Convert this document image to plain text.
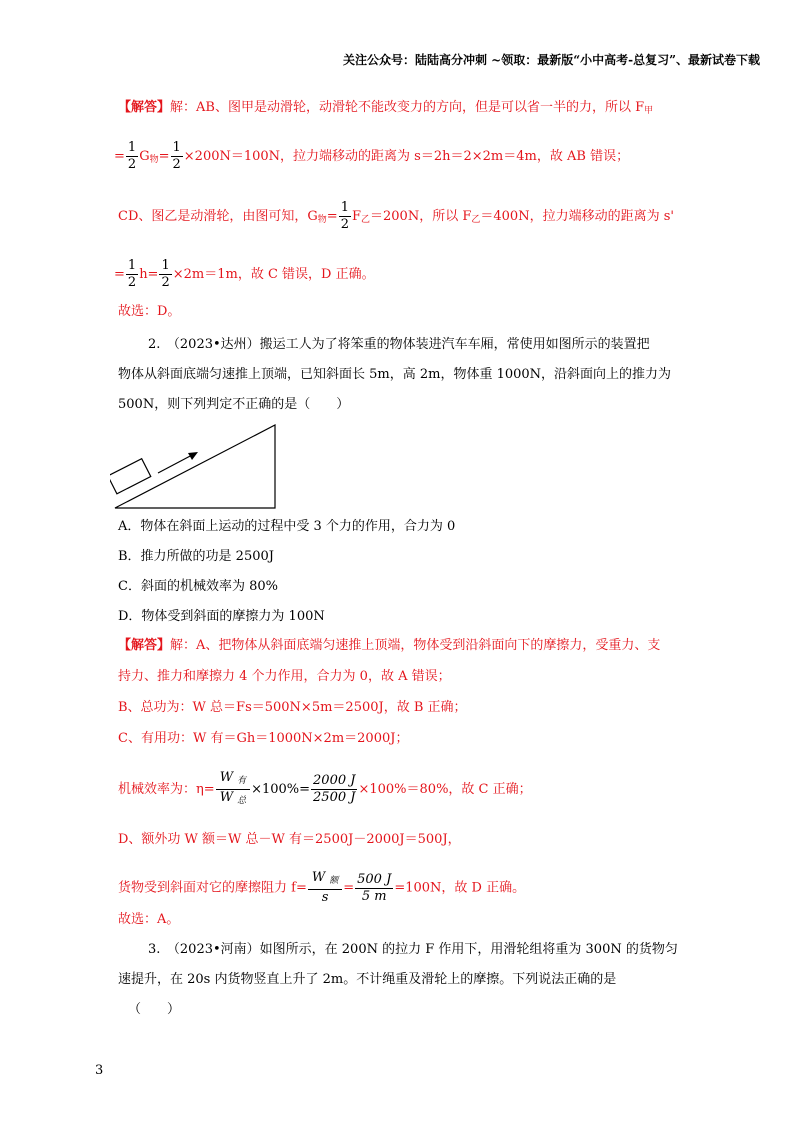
关注公众号：陆陆高分冲刺 ~领取：最新版“小中高考-总复习”、最新试卷下载
【解答】解：AB、图甲是动滑轮，动滑轮不能改变力的方向，但是可以省一半的力，所以 $F_甲$
= $\frac{1}{2} G_物= \frac{1}{2} \times 200N=100N$，拉力端移动的距离为 s＝2h＝2×2m＝4m，故 AB 错误；
CD、图乙是动滑轮，由图可知，$G_物= \frac{1}{2} F_乙=200N$，所以 $F_乙=400N$，拉力端移动的距离为 s'
= $\frac{1}{2} h= \frac{1}{2} \times 2m=1m$，故 C 错误，D 正确。
故选：D。
2.　（2023•达州）搬运工人为了将笨重的物体装进汽车车厢，常使用如图所示的装置把
物体从斜面底端匀速推上顶端，已知斜面长 5m，高 2m，物体重 1000N，沿斜面向上的推力为
500N，则下列判定不正确的是（　　）
A．物体在斜面上运动的过程中受 3 个力的作用，合力为 0
B．推力所做的功是 2500J
C．斜面的机械效率为 80%
D．物体受到斜面的摩擦力为 100N
【解答】解：A、把物体从斜面底端匀速推上顶端，物体受到沿斜面向下的摩擦力，受重力、支
持力、推力和摩擦力 4 个力作用，合力为 0，故 A 错误；
B、总功为：W 总＝Fs＝500N×5m＝2500J，故 B 正确；
C、有用功：W 有＝Gh＝1000N×2m＝2000J；
机械效率为：$\eta= \frac{W _有}{W _总} \times 100\%= \frac{2000 J}{2500 J} \times 100\%=80\%$，故 C 正确；
D、额外功 W 额＝W 总－W 有＝2500J－2000J＝500J，
货物受到斜面对它的摩擦阻力 $f= \frac{W _额}{s} = \frac{500 J}{5 m} =100N$，故 D 正确。
故选：A。
3.　（2023•河南）如图所示，在 200N 的拉力 F 作用下，用滑轮组将重为 300N 的货物匀
速提升，在 20s 内货物竖直上升了 2m。不计绳重及滑轮上的摩擦。下列说法正确的是
（　　）
3
